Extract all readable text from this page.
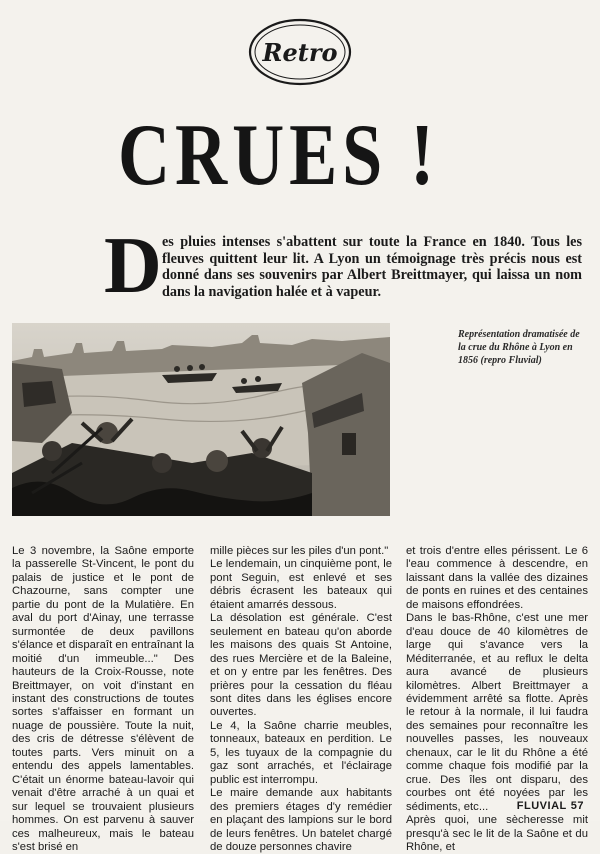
Retro
CRUES !
D es pluies intenses s'abattent sur toute la France en 1840. Tous les fleuves quittent leur lit. A Lyon un témoignage très précis nous est donné dans ses souvenirs par Albert Breittmayer, qui laissa un nom dans la navigation halée et à vapeur.
Représentation dramatisée de la crue du Rhône à Lyon en 1856 (repro Fluvial)

Le 3 novembre, la Saône emporte la passerelle St-Vincent, le pont du palais de justice et le pont de Chazourne, sans compter une partie du pont de la Mulatière. En aval du port d'Ainay, une terrasse surmontée de deux pavillons s'élance et disparaît en entraînant la moitié d'un immeuble..." Des hauteurs de la Croix-Rousse, note Breittmayer, on voit d'instant en instant des constructions de toutes sortes s'affaisser en formant un nuage de poussière. Toute la nuit, des cris de détresse s'élèvent de toutes parts. Vers minuit on a entendu des appels lamentables. C'était un énorme bateau-lavoir qui venait d'être arraché à un quai et sur lequel se trouvaient plusieurs hommes. On est parvenu à sauver ces malheureux, mais le bateau s'est brisé en

mille pièces sur les piles d'un pont."

Le lendemain, un cinquième pont, le pont Seguin, est enlevé et ses débris écrasent les bateaux qui étaient amarrés dessous.

La désolation est générale. C'est seulement en bateau qu'on aborde les maisons des quais St Antoine, des rues Mercière et de la Baleine, et on y entre par les fenêtres. Des prières pour la cessation du fléau sont dites dans les églises encore ouvertes.

Le 4, la Saône charrie meubles, tonneaux, bateaux en perdition. Le 5, les tuyaux de la compagnie du gaz sont arrachés, et l'éclairage public est interrompu.

Le maire demande aux habitants des premiers étages d'y remédier en plaçant des lampions sur le bord de leurs fenêtres. Un batelet chargé de douze personnes chavire

et trois d'entre elles périssent. Le 6 l'eau commence à descendre, en laissant dans la vallée des dizaines de ponts en ruines et des centaines de maisons effondrées.

Dans le bas-Rhône, c'est une mer d'eau douce de 40 kilomètres de large qui s'avance vers la Méditerranée, et au reflux le delta aura avancé de plusieurs kilomètres. Albert Breittmayer a évidemment arrêté sa flotte. Après le retour à la normale, il lui faudra des semaines pour reconnaître les nouvelles passes, les nouveaux chenaux, car le lit du Rhône a été comme chaque fois modifié par la crue. Des îles ont disparu, des courbes ont été noyées par les sédiments, etc...

Après quoi, une sècheresse mit presqu'à sec le lit de la Saône et du Rhône, et

FLUVIAL 57
